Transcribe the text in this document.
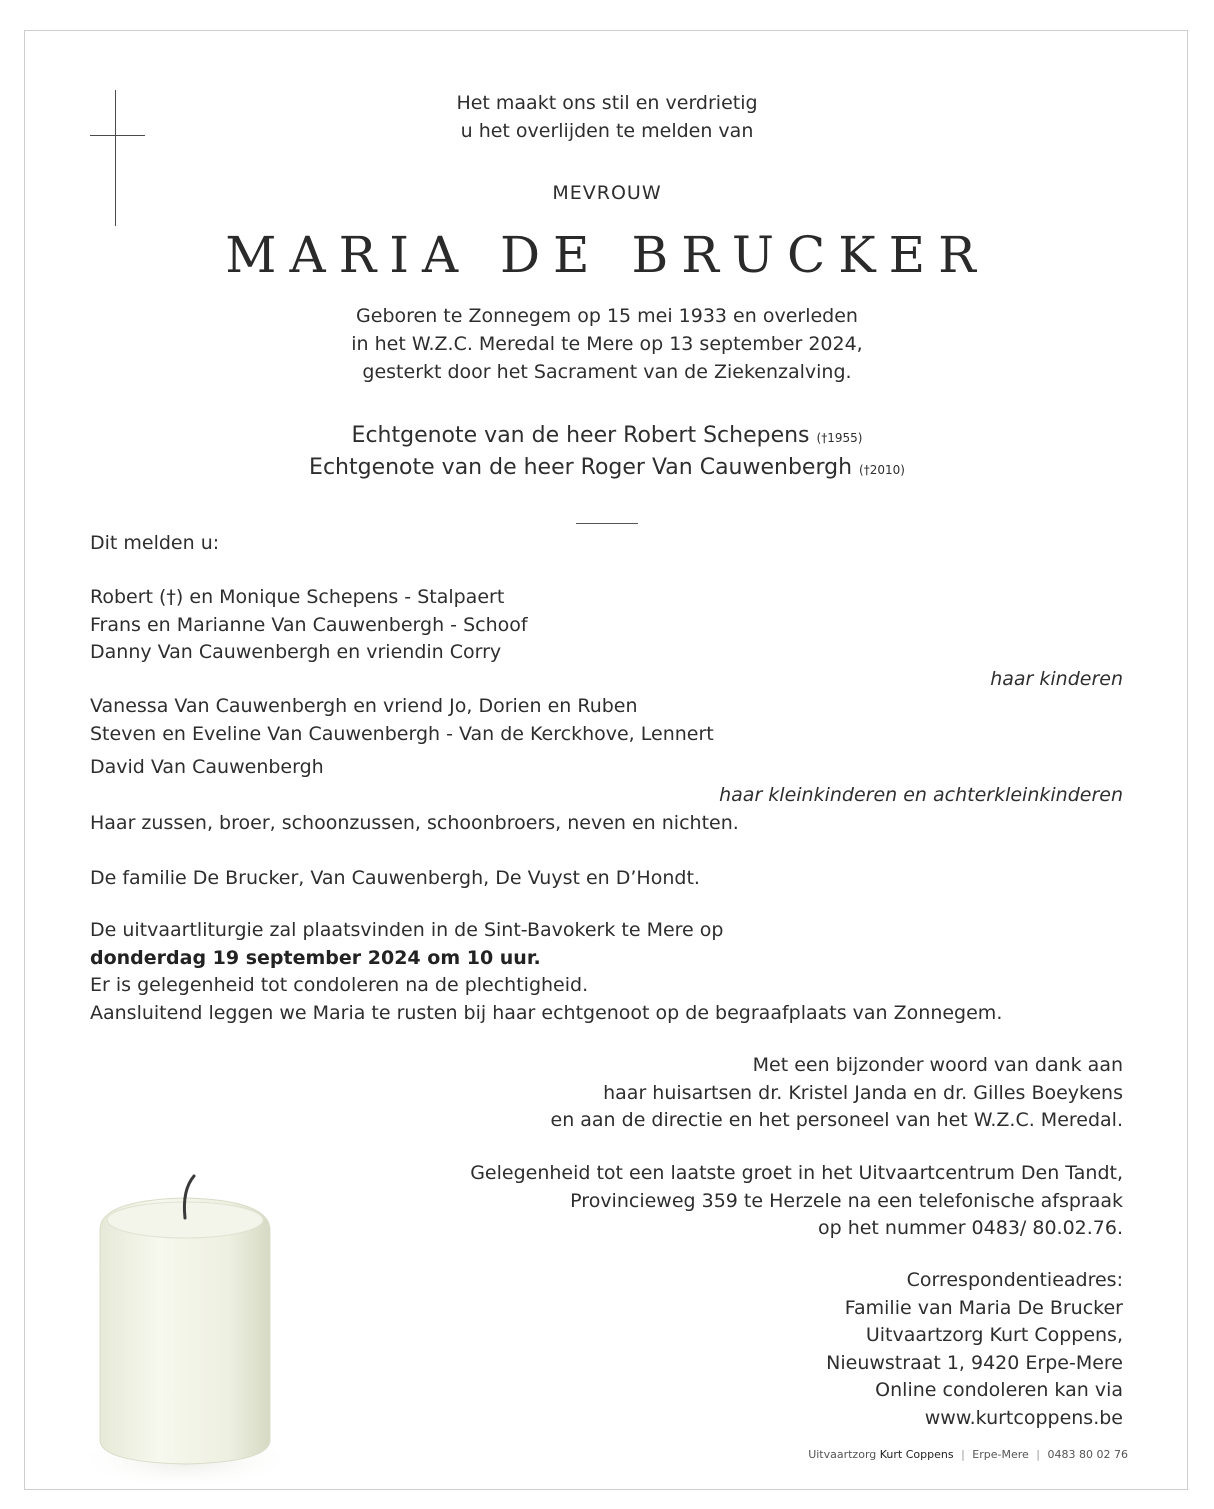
Het maakt ons stil en verdrietig
u het overlijden te melden van
MEVROUW
MARIA DE BRUCKER
Geboren te Zonnegem op 15 mei 1933 en overleden
in het W.Z.C. Meredal te Mere op 13 september 2024,
gesterkt door het Sacrament van de Ziekenzalving.
Echtgenote van de heer Robert Schepens (†1955)
Echtgenote van de heer Roger Van Cauwenbergh (†2010)
Dit melden u:
Robert (†) en Monique Schepens - Stalpaert
Frans en Marianne Van Cauwenbergh - Schoof
Danny Van Cauwenbergh en vriendin Corry
haar kinderen
Vanessa Van Cauwenbergh en vriend Jo, Dorien en Ruben
Steven en Eveline Van Cauwenbergh - Van de Kerckhove, Lennert
David Van Cauwenbergh
haar kleinkinderen en achterkleinkinderen
Haar zussen, broer, schoonzussen, schoonbroers, neven en nichten.
De familie De Brucker, Van Cauwenbergh, De Vuyst en D’Hondt.
De uitvaartliturgie zal plaatsvinden in de Sint-Bavokerk te Mere op
donderdag 19 september 2024 om 10 uur.
Er is gelegenheid tot condoleren na de plechtigheid.
Aansluitend leggen we Maria te rusten bij haar echtgenoot op de begraafplaats van Zonnegem.
Met een bijzonder woord van dank aan
haar huisartsen dr. Kristel Janda en dr. Gilles Boeykens
en aan de directie en het personeel van het W.Z.C. Meredal.
Gelegenheid tot een laatste groet in het Uitvaartcentrum Den Tandt,
Provincieweg 359 te Herzele na een telefonische afspraak
op het nummer 0483/ 80.02.76.
Correspondentieadres:
Familie van Maria De Brucker
Uitvaartzorg Kurt Coppens,
Nieuwstraat 1, 9420 Erpe-Mere
Online condoleren kan via
www.kurtcoppens.be
Uitvaartzorg Kurt Coppens | Erpe-Mere | 0483 80 02 76
